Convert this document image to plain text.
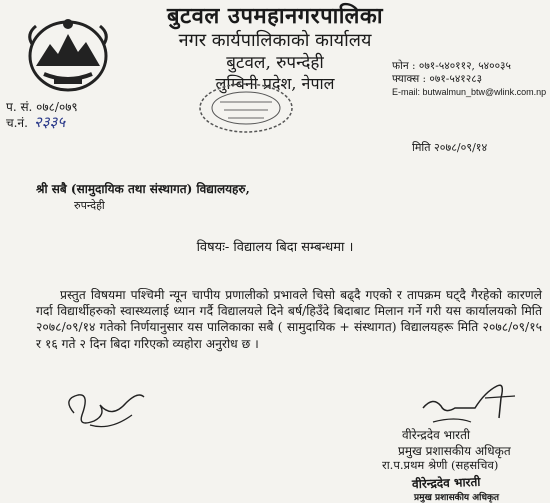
बुटवल उपमहानगरपालिका
नगर कार्यपालिकाको कार्यालय
बुटवल, रुपन्देही
लुम्बिनी प्रदेश, नेपाल
फोन : ०७१-५४०११२, ५४००३५
फ्याक्स : ०७१-५४१२८३
E-mail: butwalmun_btw@wlink.com.np
प. सं. ०७८/०७९
च.नं. २३३५
मिति २०७८/०९/१४
श्री सबै (सामुदायिक तथा संस्थागत) विद्यालयहरु,
रुपन्देही
विषयः- विद्यालय बिदा सम्बन्धमा ।
प्रस्तुत विषयमा पश्चिमी न्यून चापीय प्रणालीको प्रभावले चिसो बढ्दै गएको र तापक्रम घट्दै गैरहेको कारणले गर्दा विद्यार्थीहरुको स्वास्थ्यलाई ध्यान गर्दै विद्यालयले दिने बर्ष/हिउँदे बिदाबाट मिलान गर्ने गरी यस कार्यालयको मिति २०७८/०९/१४ गतेको निर्णयानुसार यस पालिकाका सबै ( सामुदायिक + संस्थागत) विद्यालयहरू मिति २०७८/०९/१५ र १६ गते २ दिन बिदा गरिएको व्यहोरा अनुरोध छ ।
वीरेन्द्रदेव भारती
प्रमुख प्रशासकीय अधिकृत
रा.प.प्रथम श्रेणी (सहसचिव)
वीरेन्द्रदेव भारती
प्रमुख प्रशासकीय अधिकृत
